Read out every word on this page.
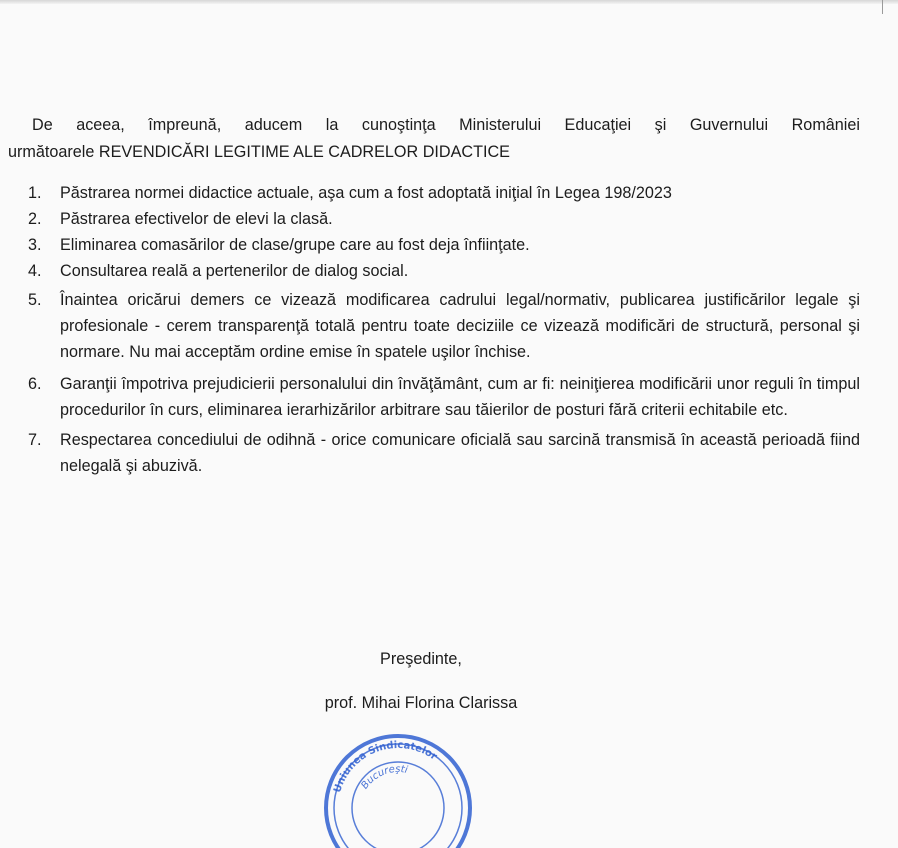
De aceea, împreună, aducem la cunoştinţa Ministerului Educaţiei şi Guvernului României
următoarele REVENDICĂRI LEGITIME ALE CADRELOR DIDACTICE
1.	Păstrarea normei didactice actuale, aşa cum a fost adoptată iniţial în Legea 198/2023
2.	Păstrarea efectivelor de elevi la clasă.
3.	Eliminarea comasărilor de clase/grupe care au fost deja înfiinţate.
4.	Consultarea reală a pertenerilor de dialog social.
5.	Înaintea oricărui demers ce vizează modificarea cadrului legal/normativ, publicarea justificărilor legale şi profesionale - cerem transparenţă totală pentru toate deciziile ce vizează modificări de structură, personal şi normare. Nu mai acceptăm ordine emise în spatele uşilor închise.
6.	Garanţii împotriva prejudicierii personalului din învăţământ, cum ar fi: neiniţierea modificării unor reguli în timpul procedurilor în curs, eliminarea ierarhizărilor arbitrare sau tăierilor de posturi fără criterii echitabile etc.
7.	Respectarea concediului de odihnă - orice comunicare oficială sau sarcină transmisă în această perioadă fiind nelegală şi abuzivă.
Preşedinte,
prof. Mihai Florina Clarissa
Uniunea Sindicatelor
Bucureşti
